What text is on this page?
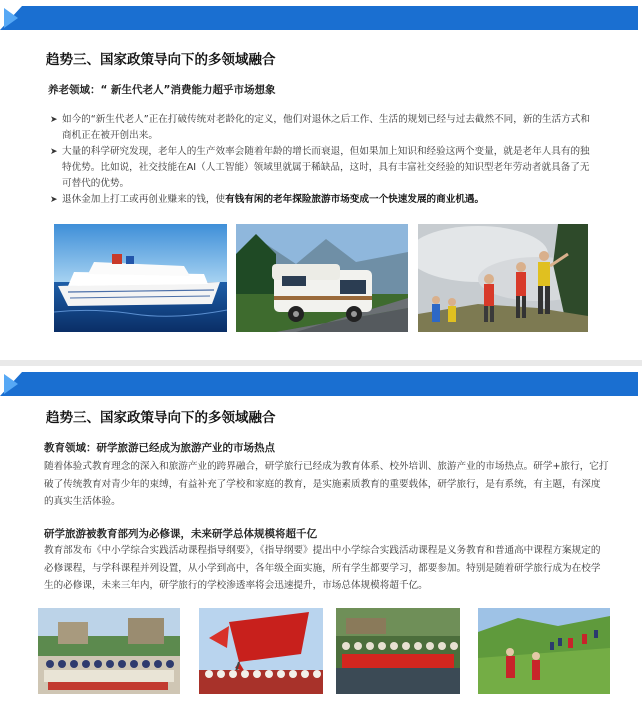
趋势三、国家政策导向下的多领域融合
养老领域：“ 新生代老人”消费能力超乎市场想象
➤ 如今的“新生代老人”正在打破传统对老龄化的定义，他们对退休之后工作、生活的规划已经与过去截然不同，新的生活方式和商机正在被开创出来。
➤ 大量的科学研究发现，老年人的生产效率会随着年龄的增长而衰退，但如果加上知识和经验这两个变量，就是老年人具有的独特优势。比如说，社交技能在AI（人工智能）领域里就属于稀缺品，这时，具有丰富社交经验的知识型老年劳动者就具备了无可替代的优势。
➤ 退休金加上打工或再创业赚来的钱，使有钱有闲的老年探险旅游市场变成一个快速发展的商业机遇。
趋势三、国家政策导向下的多领域融合
教育领域：研学旅游已经成为旅游产业的市场热点
随着体验式教育理念的深入和旅游产业的跨界融合，研学旅行已经成为教育体系、校外培训、旅游产业的市场热点。研学+旅行，它打破了传统教育对青少年的束缚，有益补充了学校和家庭的教育，是实施素质教育的重要载体，研学旅行，是有系统，有主题，有深度的真实生活体验。
研学旅游被教育部列为必修课，未来研学总体规模将超千亿
教育部发布《中小学综合实践活动课程指导纲要》，《指导纲要》提出中小学综合实践活动课程是义务教育和普通高中课程方案规定的必修课程，与学科课程并列设置，从小学到高中，各年级全面实施，所有学生都要学习，都要参加。特别是随着研学旅行成为在校学生的必修课，未来三年内，研学旅行的学校渗透率将会迅速提升，市场总体规模将超千亿。
